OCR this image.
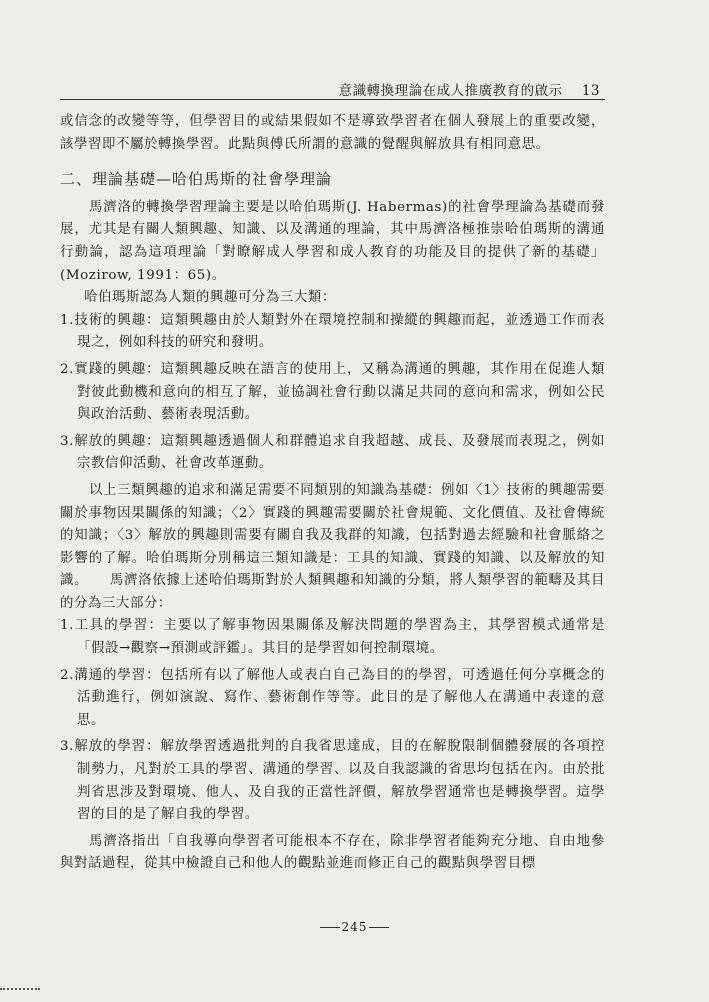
意識轉換理論在成人推廣教育的啟示 13

或信念的改變等等，但學習目的或結果假如不是導致學習者在個人發展上的重要改變，該學習即不屬於轉換學習。此點與傅氏所謂的意識的覺醒與解放具有相同意思。

二、理論基礎—哈伯馬斯的社會學理論

馬濟洛的轉換學習理論主要是以哈伯瑪斯(J. Habermas)的社會學理論為基礎而發展，尤其是有關人類興趣、知識、以及溝通的理論，其中馬濟洛極推崇哈伯瑪斯的溝通行動論，認為這項理論「對瞭解成人學習和成人教育的功能及目的提供了新的基礎」(Mozirow, 1991：65)。

哈伯瑪斯認為人類的興趣可分為三大類：

1.技術的興趣：這類興趣由於人類對外在環境控制和操縱的興趣而起，並透過工作而表現之，例如科技的研究和發明。

2.實踐的興趣：這類興趣反映在語言的使用上，又稱為溝通的興趣，其作用在促進人類對彼此動機和意向的相互了解，並協調社會行動以滿足共同的意向和需求，例如公民與政治活動、藝術表現活動。

3.解放的興趣：這類興趣透過個人和群體追求自我超越、成長、及發展而表現之，例如宗教信仰活動、社會改革運動。

以上三類興趣的追求和滿足需要不同類別的知識為基礎：例如〈1〉技術的興趣需要關於事物因果關係的知識；〈2〉實踐的興趣需要關於社會規範、文化價值、及社會傳統的知識；〈3〉解放的興趣則需要有關自我及我群的知識，包括對過去經驗和社會脈絡之影響的了解。哈伯瑪斯分別稱這三類知識是：工具的知識、實踐的知識、以及解放的知識。　　馬濟洛依據上述哈伯瑪斯對於人類興趣和知識的分類，將人類學習的範疇及其目的分為三大部分：

1.工具的學習：主要以了解事物因果關係及解決問題的學習為主，其學習模式通常是「假設→觀察→預測或評鑑」。其目的是學習如何控制環境。

2.溝通的學習：包括所有以了解他人或表白自己為目的的學習，可透過任何分享概念的活動進行，例如演說、寫作、藝術創作等等。此目的是了解他人在溝通中表達的意思。

3.解放的學習：解放學習透過批判的自我省思達成，目的在解脫限制個體發展的各項控制勢力，凡對於工具的學習、溝通的學習、以及自我認識的省思均包括在內。由於批判省思涉及對環境、他人、及自我的正當性評價，解放學習通常也是轉換學習。這學習的目的是了解自我的學習。

馬濟洛指出「自我導向學習者可能根本不存在，除非學習者能夠充分地、自由地參與對話過程，從其中檢證自己和他人的觀點並進而修正自己的觀點與學習目標

245
